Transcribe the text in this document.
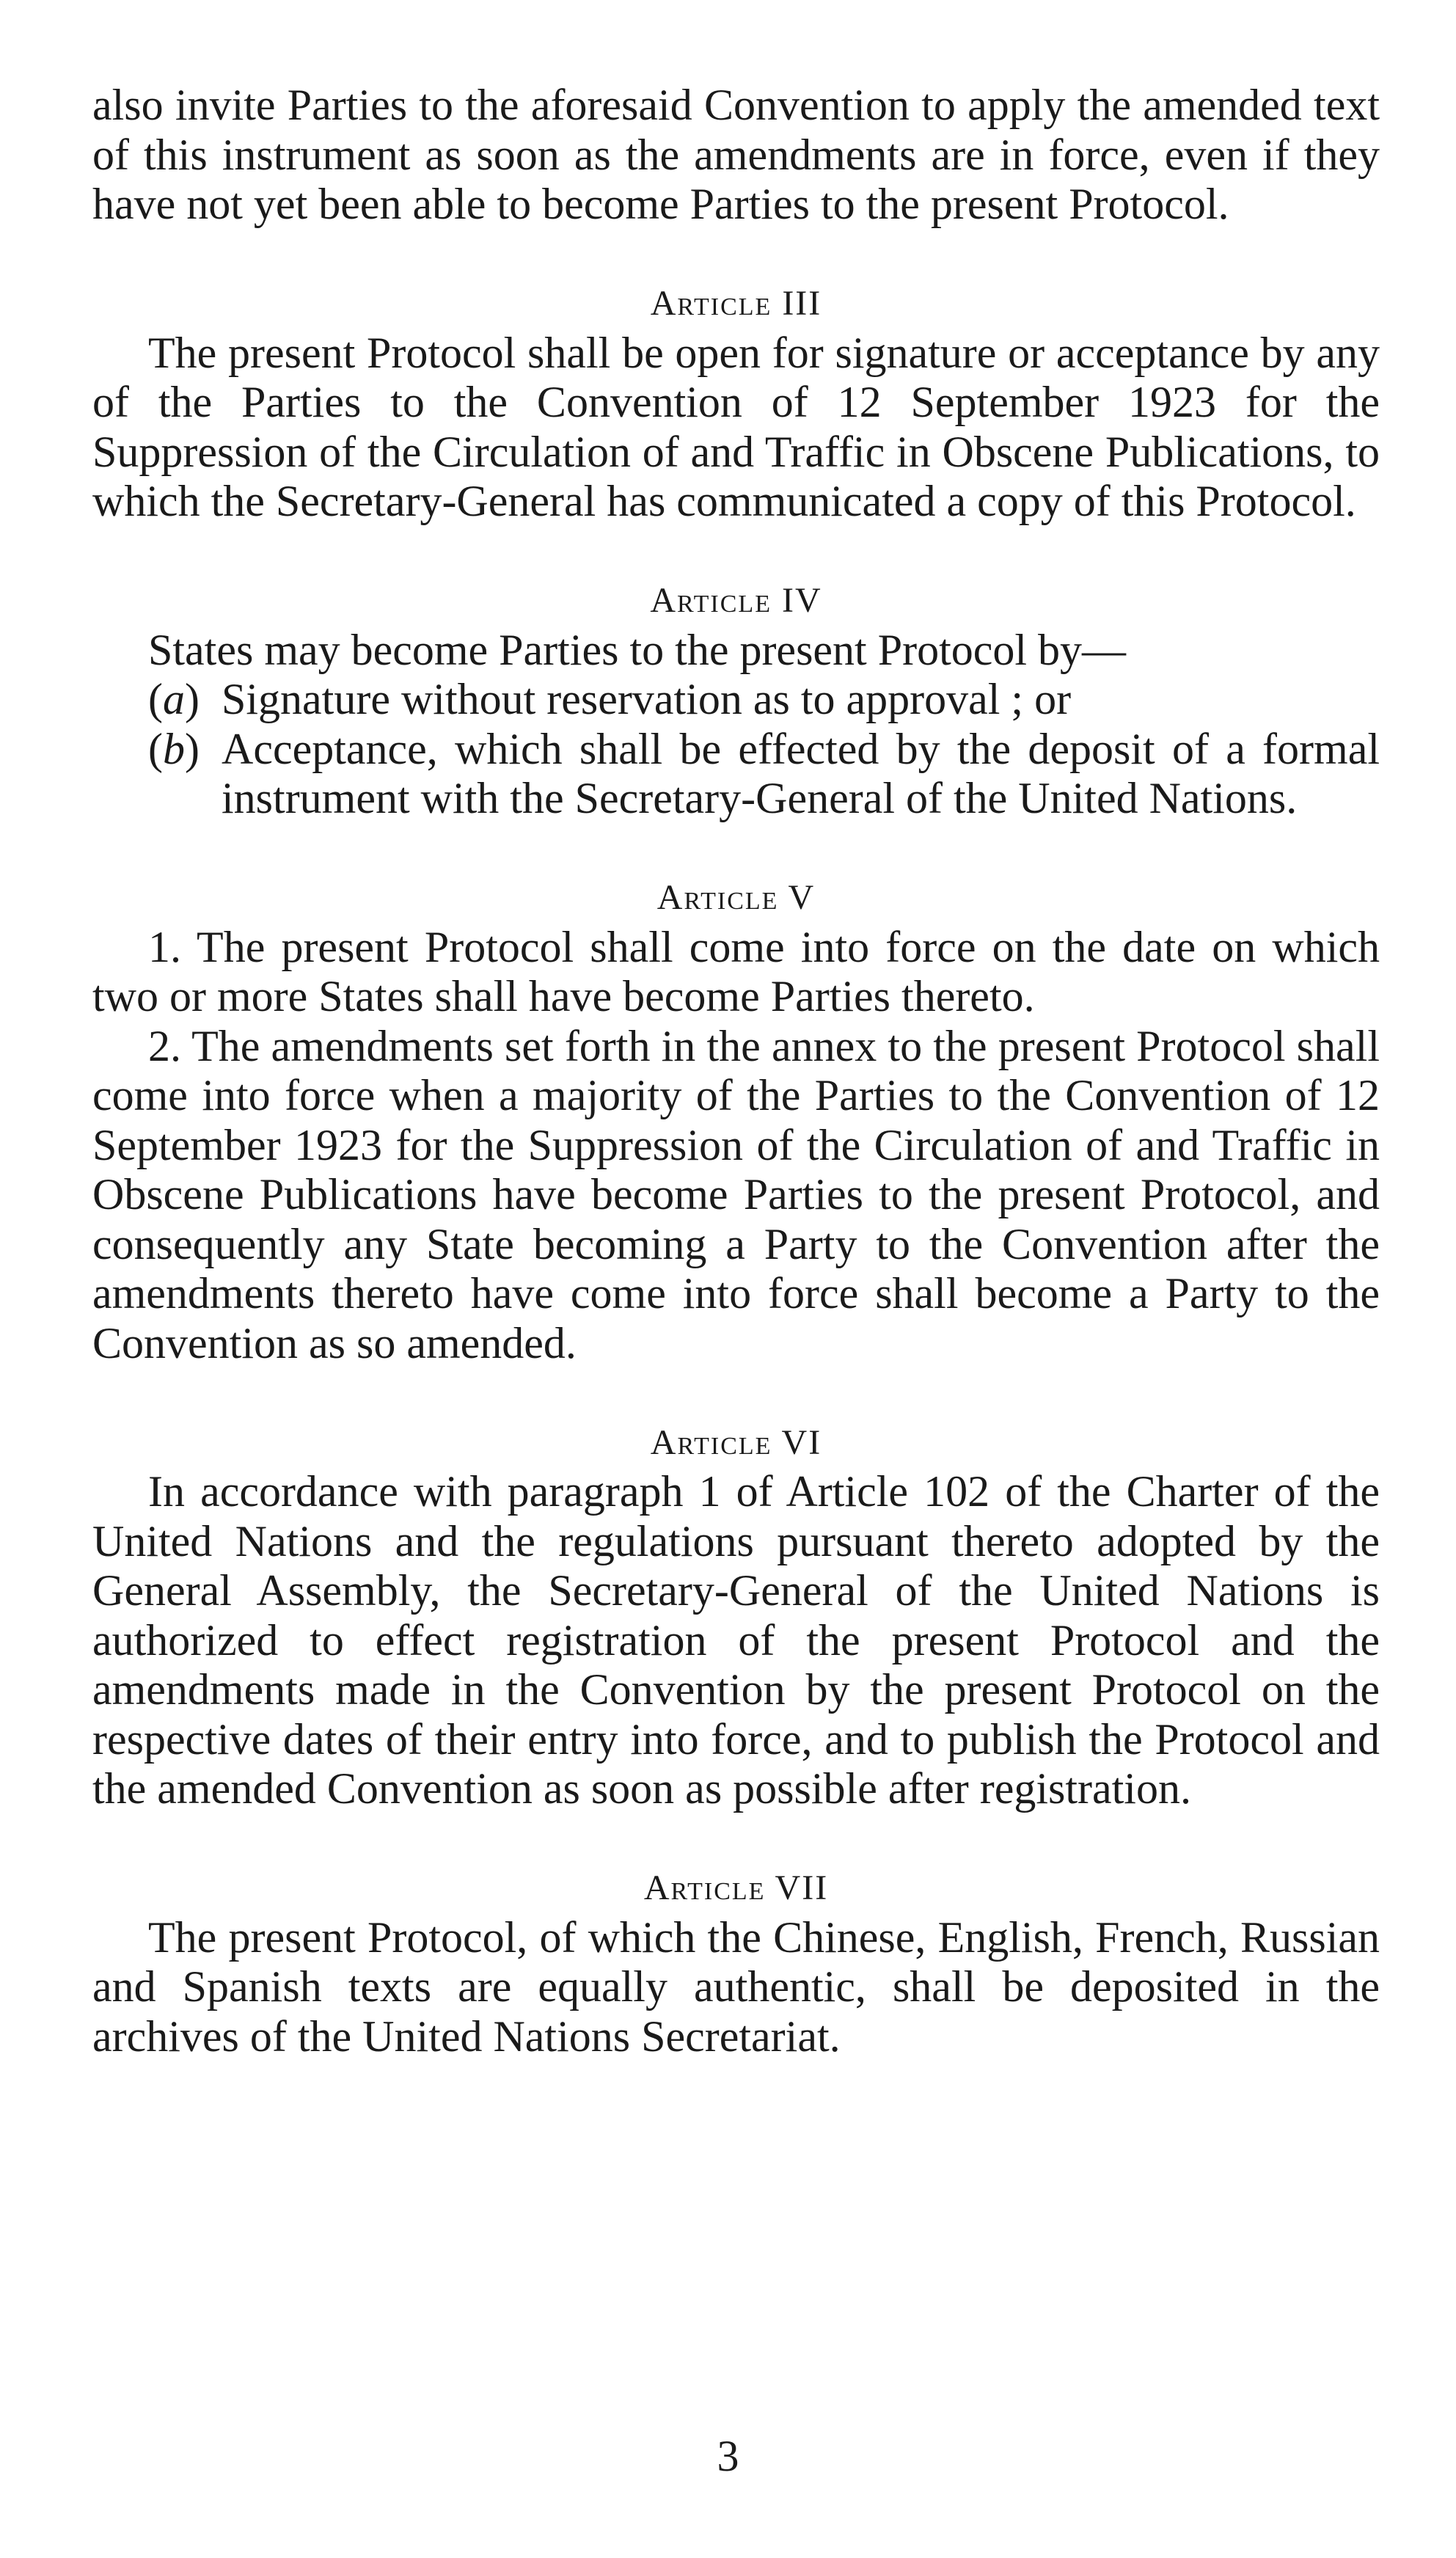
also invite Parties to the aforesaid Convention to apply the amended text of this instrument as soon as the amendments are in force, even if they have not yet been able to become Parties to the present Protocol.

Article III

The present Protocol shall be open for signature or acceptance by any of the Parties to the Convention of 12 September 1923 for the Suppression of the Circulation of and Traffic in Obscene Publications, to which the Secretary-General has communicated a copy of this Protocol.

Article IV

States may become Parties to the present Protocol by—

(a) Signature without reservation as to approval ; or
(b) Acceptance, which shall be effected by the deposit of a formal instrument with the Secretary-General of the United Nations.
Article V

1. The present Protocol shall come into force on the date on which two or more States shall have become Parties thereto.

2. The amendments set forth in the annex to the present Protocol shall come into force when a majority of the Parties to the Convention of 12 September 1923 for the Suppression of the Circulation of and Traffic in Obscene Publications have become Parties to the present Protocol, and consequently any State becoming a Party to the Convention after the amendments thereto have come into force shall become a Party to the Convention as so amended.

Article VI

In accordance with paragraph 1 of Article 102 of the Charter of the United Nations and the regulations pursuant thereto adopted by the General Assembly, the Secretary-General of the United Nations is authorized to effect registration of the present Protocol and the amendments made in the Convention by the present Protocol on the respective dates of their entry into force, and to publish the Protocol and the amended Convention as soon as possible after registration.

Article VII

The present Protocol, of which the Chinese, English, French, Russian and Spanish texts are equally authentic, shall be deposited in the archives of the United Nations Secretariat.

3
